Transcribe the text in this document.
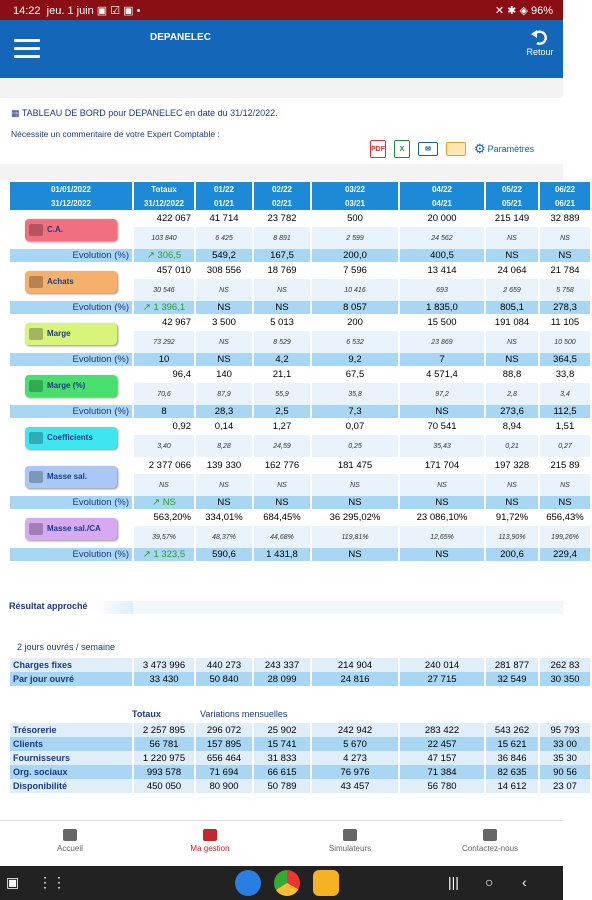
14:22 jeu. 1 juin ▣ ☑ ▣ •	✕ ✱ ◈ 96%
DEPANELEC
Retour
▦ TABLEAU DE BORD pour DEPANELEC en date du 31/12/2022.
Nécessite un commentaire de votre Expert Comptable :
PDF	X	✉	⚙ Paramètres
01/01/2022	Totaux	01/22	02/22	03/22	04/22	05/22	06/22
31/12/2022	31/12/2022	01/21	02/21	03/21	04/21	05/21	06/21

C.A.	422 067	41 714	23 782	500	20 000	215 149	32 889
	103 840	6 425	8 891	2 599	24 562	NS	NS
Evolution (%)	↗ 306,5	549,2	167,5	200,0	400,5	NS	NS

Achats	457 010	308 556	18 769	7 596	13 414	24 064	21 784
	30 546	NS	NS	10 416	693	2 659	5 758
Evolution (%)	↗ 1 396,1	NS	NS	8 057	1 835,0	805,1	278,3

Marge	42 967	3 500	5 013	200	15 500	191 084	11 105
	73 292	NS	8 529	6 532	23 869	NS	10 500
Evolution (%)	10	NS	4,2	9,2	7	NS	364,5

Marge (%)	96,4	140	21,1	67,5	4 571,4	88,8	33,8
	70,6	87,9	55,9	35,8	97,2	2,8	3,4
Evolution (%)	8	28,3	2,5	7,3	NS	273,6	112,5

Coefficients	0,92	0,14	1,27	0,07	70 541	8,94	1,51
	3,40	8,28	24,59	0,25	35,43	0,21	0,27

Masse sal.	2 377 066	139 330	162 776	181 475	171 704	197 328	215 89
	NS	NS	NS	NS	NS	NS	NS
Evolution (%)	↗ NS	NS	NS	NS	NS	NS	NS

Masse sal./CA	563,20%	334,01%	684,45%	36 295,02%	23 086,10%	91,72%	656,43%
	39,57%	48,37%	44,68%	119,81%	12,65%	113,90%	199,26%
Evolution (%)	↗ 1 323,5	590,6	1 431,8	NS	NS	200,6	229,4
Résultat approché
2 jours ouvrés / semaine
Charges fixes	3 473 996	440 273	243 337	214 904	240 014	281 877	262 83
Par jour ouvré	33 430	50 840	28 099	24 816	27 715	32 549	30 350
Totaux	Variations mensuelles
Trésorerie	2 257 895	296 072	25 902	242 942	283 422	543 262	95 793
Clients	56 781	157 895	15 741	5 670	22 457	15 621	33 00
Fournisseurs	1 220 975	656 464	31 833	4 273	47 157	36 846	35 30
Org. sociaux	993 578	71 694	66 615	76 976	71 384	82 635	90 56
Disponibilité	450 050	80 900	50 789	43 457	56 780	14 612	23 07
Accueil	Ma gestion	Simulateurs	Contactez-nous
▣ ⋮⋮	||| ○ ‹
